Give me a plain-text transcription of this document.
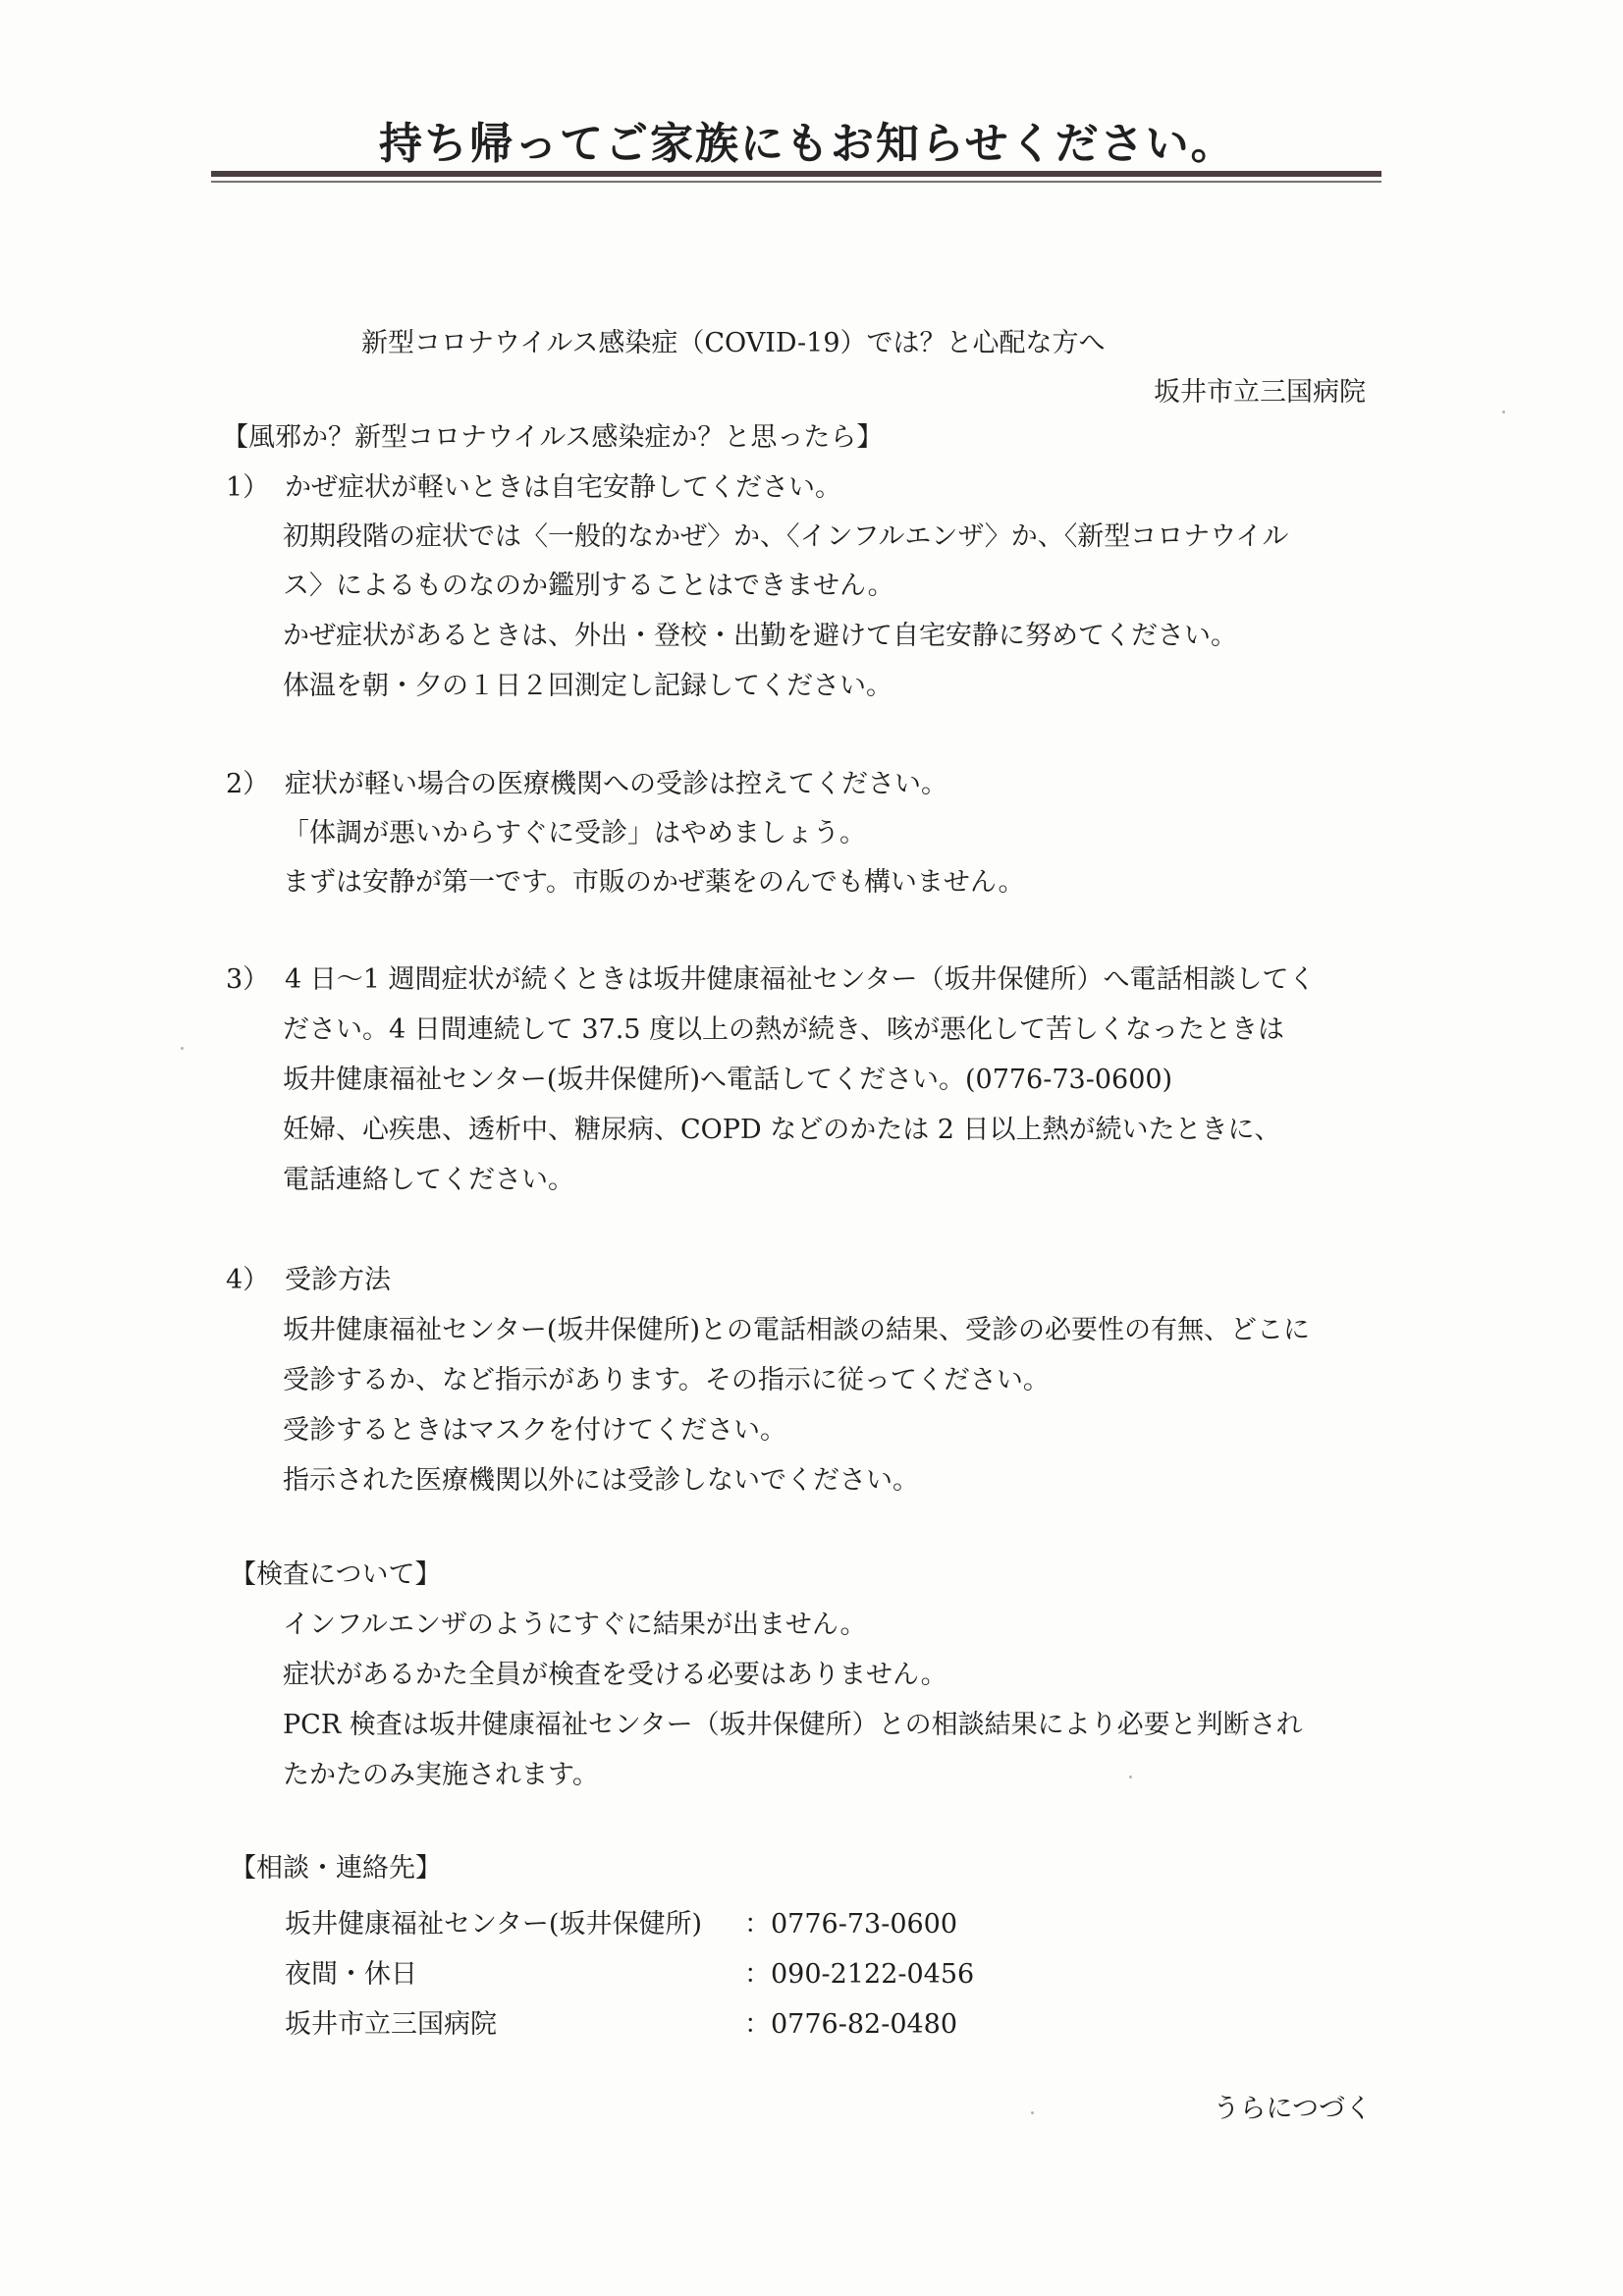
持ち帰ってご家族にもお知らせください。
新型コロナウイルス感染症（COVID-19）では？と心配な方へ
坂井市立三国病院
【風邪か？新型コロナウイルス感染症か？と思ったら】
1） かぜ症状が軽いときは自宅安静してください。
初期段階の症状では〈一般的なかぜ〉か、〈インフルエンザ〉か、〈新型コロナウイル
ス〉によるものなのか鑑別することはできません。
かぜ症状があるときは、外出・登校・出勤を避けて自宅安静に努めてください。
体温を朝・夕の１日２回測定し記録してください。
2） 症状が軽い場合の医療機関への受診は控えてください。
「体調が悪いからすぐに受診」はやめましょう。
まずは安静が第一です。市販のかぜ薬をのんでも構いません。
3） 4 日～1 週間症状が続くときは坂井健康福祉センター（坂井保健所）へ電話相談してく
ださい。4 日間連続して 37.5 度以上の熱が続き、咳が悪化して苦しくなったときは
坂井健康福祉センター(坂井保健所)へ電話してください。(0776-73-0600)
妊婦、心疾患、透析中、糖尿病、COPD などのかたは 2 日以上熱が続いたときに、
電話連絡してください。
4） 受診方法
坂井健康福祉センター(坂井保健所)との電話相談の結果、受診の必要性の有無、どこに
受診するか、など指示があります。その指示に従ってください。
受診するときはマスクを付けてください。
指示された医療機関以外には受診しないでください。
【検査について】
インフルエンザのようにすぐに結果が出ません。
症状があるかた全員が検査を受ける必要はありません。
PCR 検査は坂井健康福祉センター（坂井保健所）との相談結果により必要と判断され
たかたのみ実施されます。
【相談・連絡先】
坂井健康福祉センター(坂井保健所) ：0776-73-0600
夜間・休日	：090-2122-0456
坂井市立三国病院	：0776-82-0480
うらにつづく
